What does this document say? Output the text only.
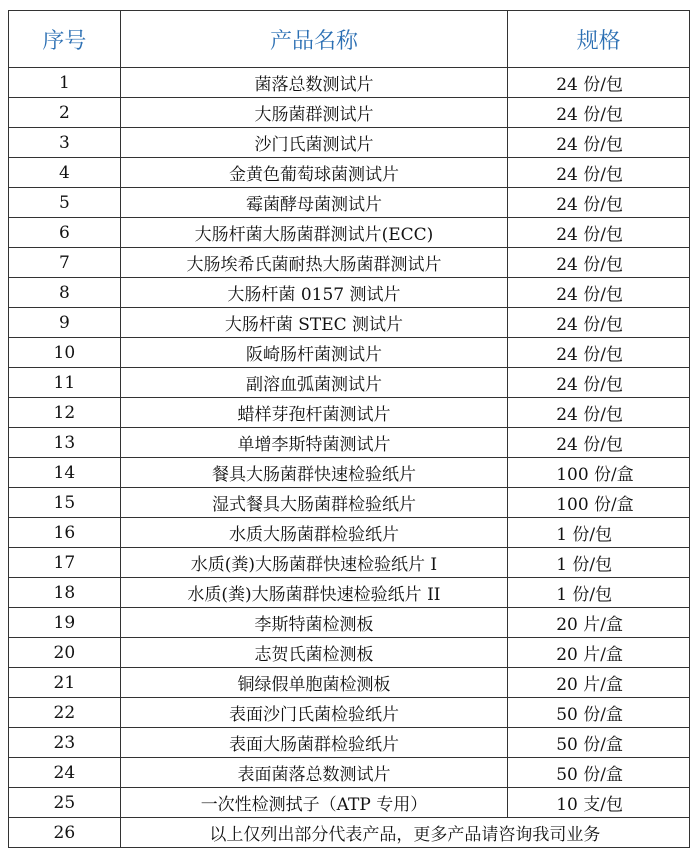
序号	产品名称	规格
1	菌落总数测试片	24 份/包
2	大肠菌群测试片	24 份/包
3	沙门氏菌测试片	24 份/包
4	金黄色葡萄球菌测试片	24 份/包
5	霉菌酵母菌测试片	24 份/包
6	大肠杆菌大肠菌群测试片(ECC)	24 份/包
7	大肠埃希氏菌耐热大肠菌群测试片	24 份/包
8	大肠杆菌 0157 测试片	24 份/包
9	大肠杆菌 STEC 测试片	24 份/包
10	阪崎肠杆菌测试片	24 份/包
11	副溶血弧菌测试片	24 份/包
12	蜡样芽孢杆菌测试片	24 份/包
13	单增李斯特菌测试片	24 份/包
14	餐具大肠菌群快速检验纸片	100 份/盒
15	湿式餐具大肠菌群检验纸片	100 份/盒
16	水质大肠菌群检验纸片	1 份/包
17	水质(粪)大肠菌群快速检验纸片 I	1 份/包
18	水质(粪)大肠菌群快速检验纸片 II	1 份/包
19	李斯特菌检测板	20 片/盒
20	志贺氏菌检测板	20 片/盒
21	铜绿假单胞菌检测板	20 片/盒
22	表面沙门氏菌检验纸片	50 份/盒
23	表面大肠菌群检验纸片	50 份/盒
24	表面菌落总数测试片	50 份/盒
25	一次性检测拭子（ATP 专用）	10 支/包
26	以上仅列出部分代表产品，更多产品请咨询我司业务	
